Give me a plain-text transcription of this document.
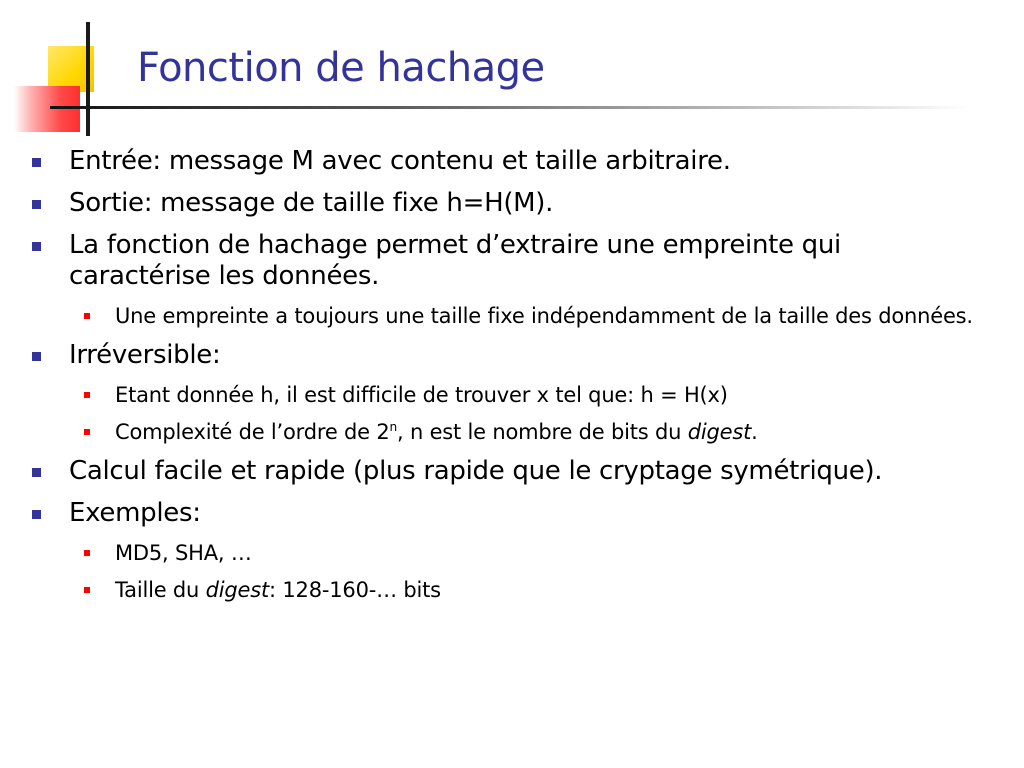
Fonction de hachage
Entrée: message M avec contenu et taille arbitraire.
Sortie: message de taille fixe h=H(M).
La fonction de hachage permet d’extraire une empreinte qui caractérise les données.
Une empreinte a toujours une taille fixe indépendamment de la taille des données.
Irréversible:
Etant donnée h, il est difficile de trouver x tel que: h = H(x)
Complexité de l’ordre de 2$^n$, n est le nombre de bits du digest.
Calcul facile et rapide (plus rapide que le cryptage symétrique).
Exemples:
MD5, SHA, …
Taille du digest: 128-160-… bits
